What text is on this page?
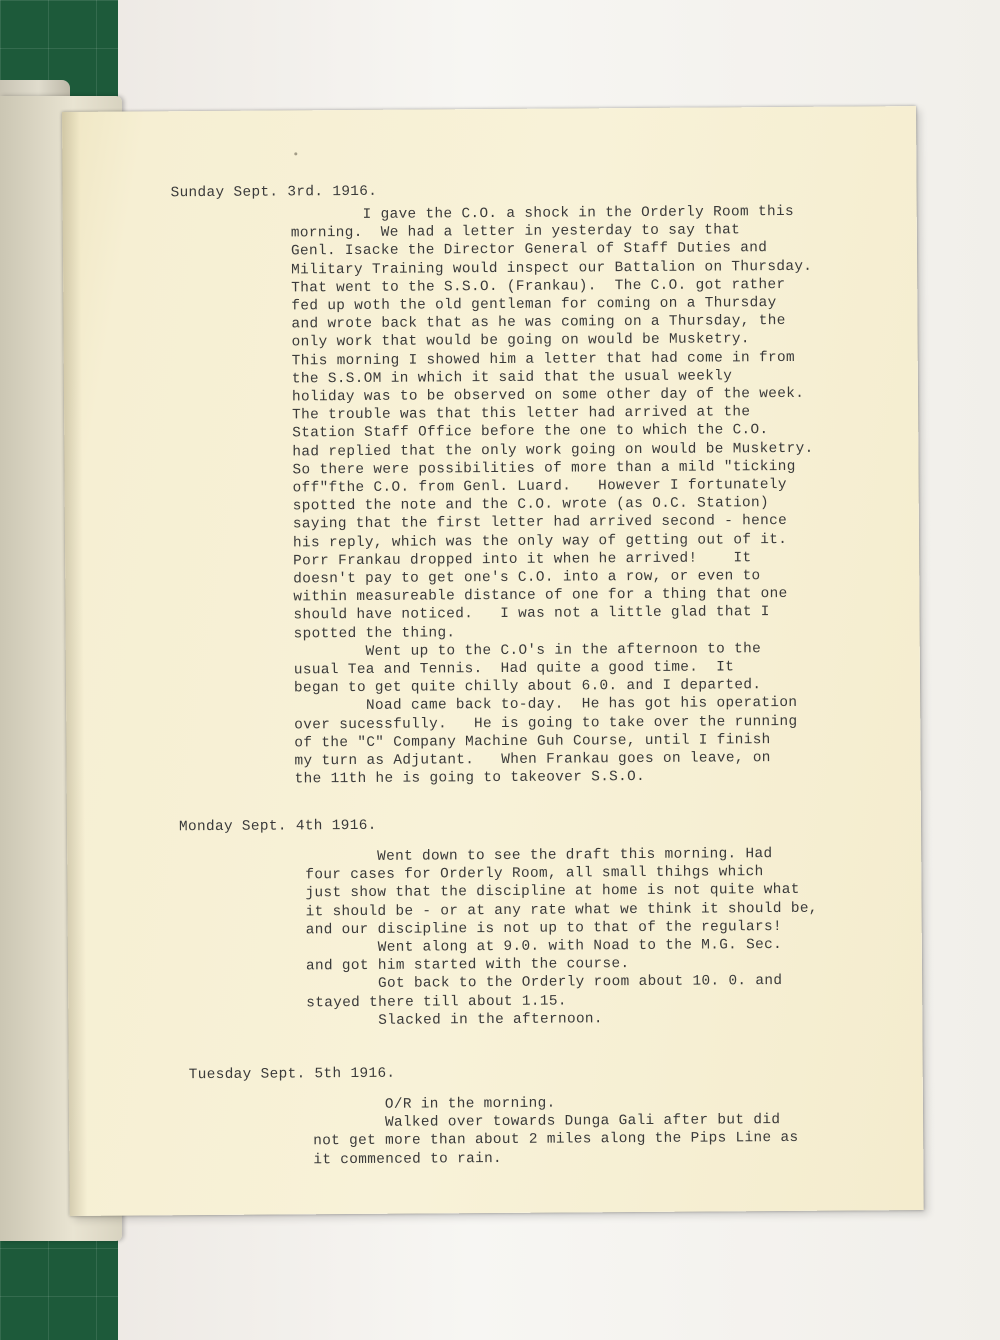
Sunday Sept. 3rd. 1916.

I gave the C.O. a shock in the Orderly Room this
morning.  We had a letter in yesterday to say that
Genl. Isacke the Director General of Staff Duties and
Military Training would inspect our Battalion on Thursday.
That went to the S.S.O. (Frankau).  The C.O. got rather
fed up woth the old gentleman for coming on a Thursday
and wrote back that as he was coming on a Thursday, the
only work that would be going on would be Musketry.
This morning I showed him a letter that had come in from
the S.S.OM in which it said that the usual weekly
holiday was to be observed on some other day of the week.
The trouble was that this letter had arrived at the
Station Staff Office before the one to which the C.O.
had replied that the only work going on would be Musketry.
So there were possibilities of more than a mild "ticking
off"fthe C.O. from Genl. Luard.   However I fortunately
spotted the note and the C.O. wrote (as O.C. Station)
saying that the first letter had arrived second - hence
his reply, which was the only way of getting out of it.
Porr Frankau dropped into it when he arrived!    It
doesn't pay to get one's C.O. into a row, or even to
within measureable distance of one for a thing that one
should have noticed.   I was not a little glad that I
spotted the thing.
Went up to the C.O's in the afternoon to the
usual Tea and Tennis.  Had quite a good time.  It
began to get quite chilly about 6.0. and I departed.
Noad came back to-day.  He has got his operation
over sucessfully.   He is going to take over the running
of the "C" Company Machine Guh Course, until I finish
my turn as Adjutant.   When Frankau goes on leave, on
the 11th he is going to takeover S.S.O.

Monday Sept. 4th 1916.

Went down to see the draft this morning. Had
four cases for Orderly Room, all small thihgs which
just show that the discipline at home is not quite what
it should be - or at any rate what we think it should be,
and our discipline is not up to that of the regulars!
Went along at 9.0. with Noad to the M.G. Sec.
and got him started with the course.
Got back to the Orderly room about 10. 0. and
stayed there till about 1.15.
Slacked in the afternoon.

Tuesday Sept. 5th 1916.

O/R in the morning.
Walked over towards Dunga Gali after but did
not get more than about 2 miles along the Pips Line as
it commenced to rain.
